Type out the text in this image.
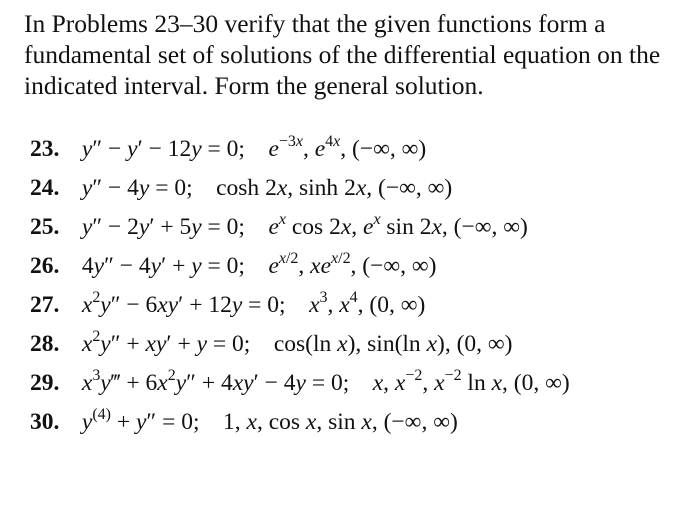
In Problems 23–30 verify that the given functions form a fundamental set of solutions of the differential equation on the indicated interval. Form the general solution.

23. y″ − y′ − 12y = 0; $e^{-3x}$, $e^{4x}$, (−∞, ∞)
24. y″ − 4y = 0; cosh 2x, sinh 2x, (−∞, ∞)
25. y″ − 2y′ + 5y = 0; $e^x$ cos 2x, $e^x$ sin 2x, (−∞, ∞)
26. 4y″ − 4y′ + y = 0; $e^{x/2}$, $xe^{x/2}$, (−∞, ∞)
27. $x^2y'' - 6xy' + 12y = 0$; $x^3$, $x^4$, (0, ∞)
28. $x^2y'' + xy' + y = 0$; cos(ln x), sin(ln x), (0, ∞)
29. $x^3y‴ + 6x^2y'' + 4xy' - 4y = 0$; x, $x^{-2}$, $x^{-2}$ ln x, (0, ∞)
30. $y^{(4)} + y'' = 0$; 1, x, cos x, sin x, (−∞, ∞)
